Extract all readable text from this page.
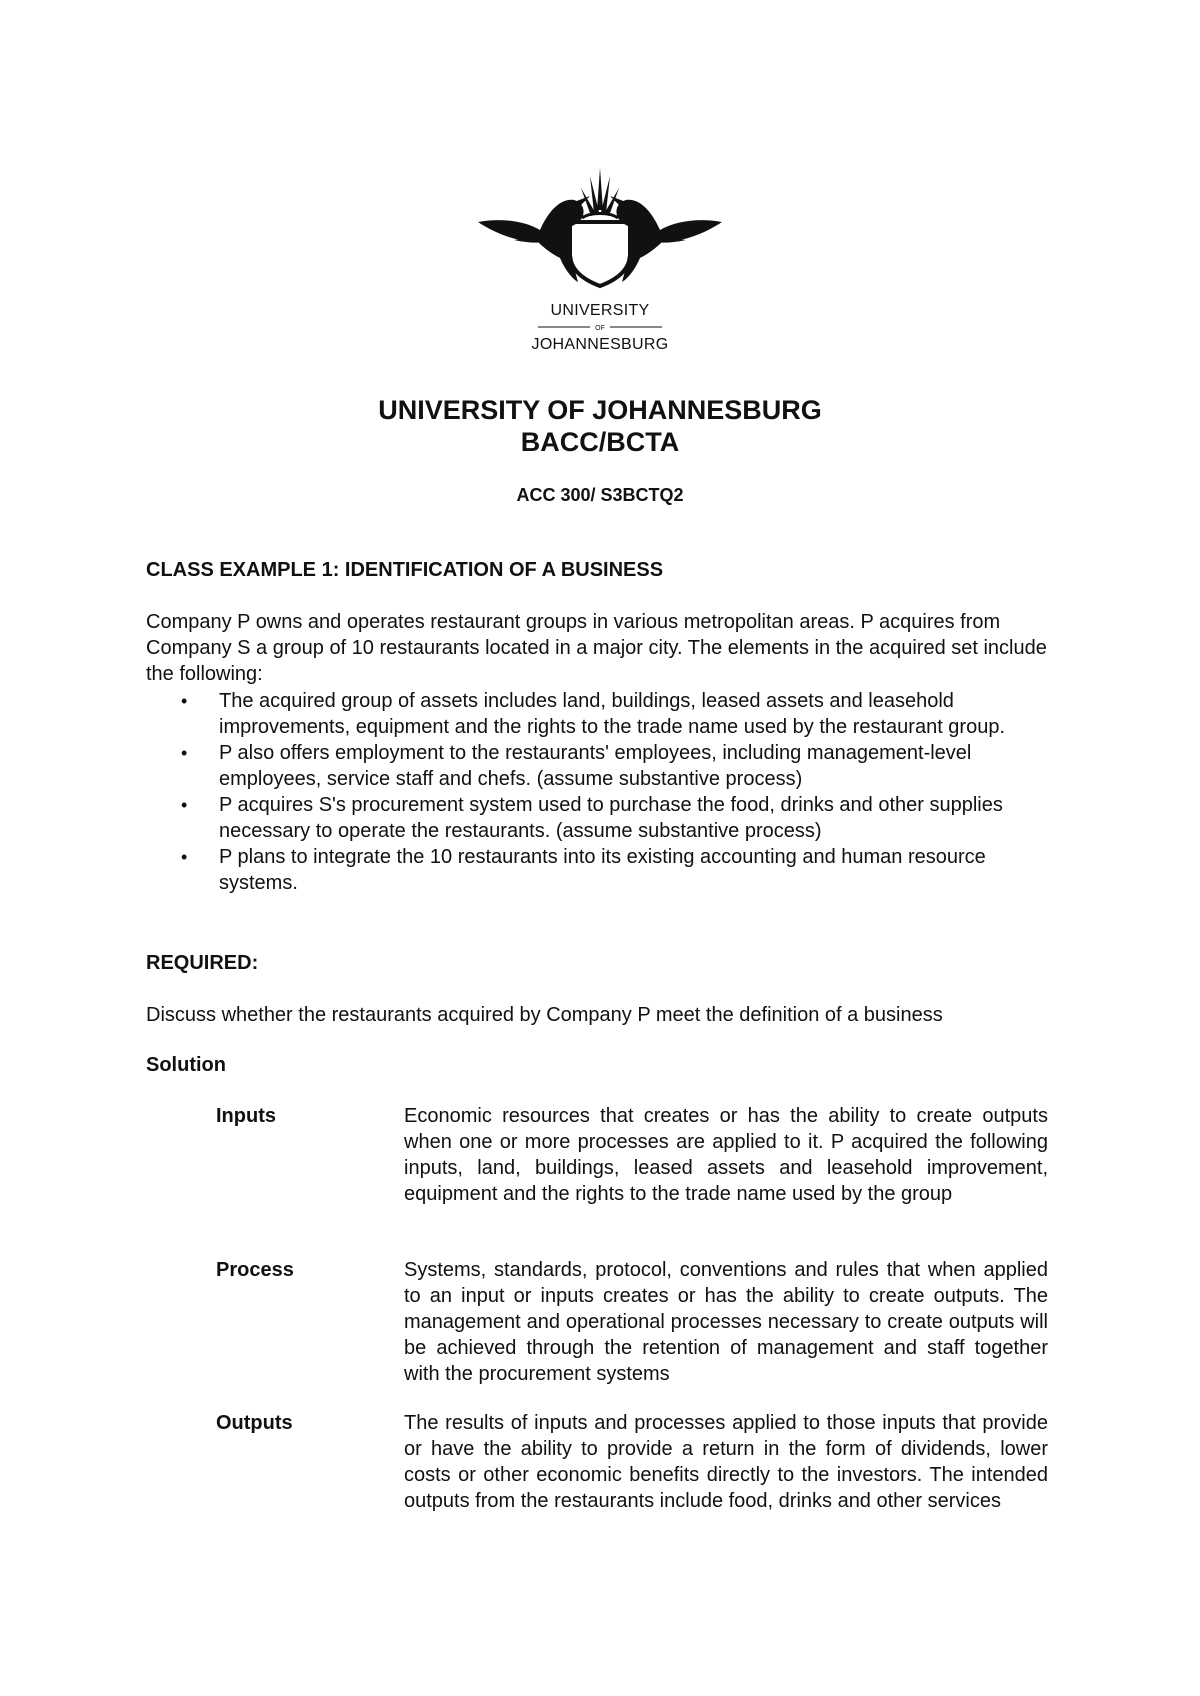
UNIVERSITY
OF
JOHANNESBURG
UNIVERSITY OF JOHANNESBURG
BACC/BCTA
ACC 300/ S3BCTQ2
CLASS EXAMPLE 1: IDENTIFICATION OF A BUSINESS

Company P owns and operates restaurant groups in various metropolitan areas. P acquires from Company S a group of 10 restaurants located in a major city. The elements in the acquired set include the following:

• The acquired group of assets includes land, buildings, leased assets and leasehold improvements, equipment and the rights to the trade name used by the restaurant group.
• P also offers employment to the restaurants' employees, including management-level employees, service staff and chefs. (assume substantive process)
• P acquires S's procurement system used to purchase the food, drinks and other supplies necessary to operate the restaurants. (assume substantive process)
• P plans to integrate the 10 restaurants into its existing accounting and human resource systems.
REQUIRED:

Discuss whether the restaurants acquired by Company P meet the definition of a business

Solution
Inputs	Economic resources that creates or has the ability to create outputs when one or more processes are applied to it. P acquired the following inputs, land, buildings, leased assets and leasehold improvement, equipment and the rights to the trade name used by the group

Process	Systems, standards, protocol, conventions and rules that when applied to an input or inputs creates or has the ability to create outputs. The management and operational processes necessary to create outputs will be achieved through the retention of management and staff together with the procurement systems

Outputs	The results of inputs and processes applied to those inputs that provide or have the ability to provide a return in the form of dividends, lower costs or other economic benefits directly to the investors. The intended outputs from the restaurants include food, drinks and other services
